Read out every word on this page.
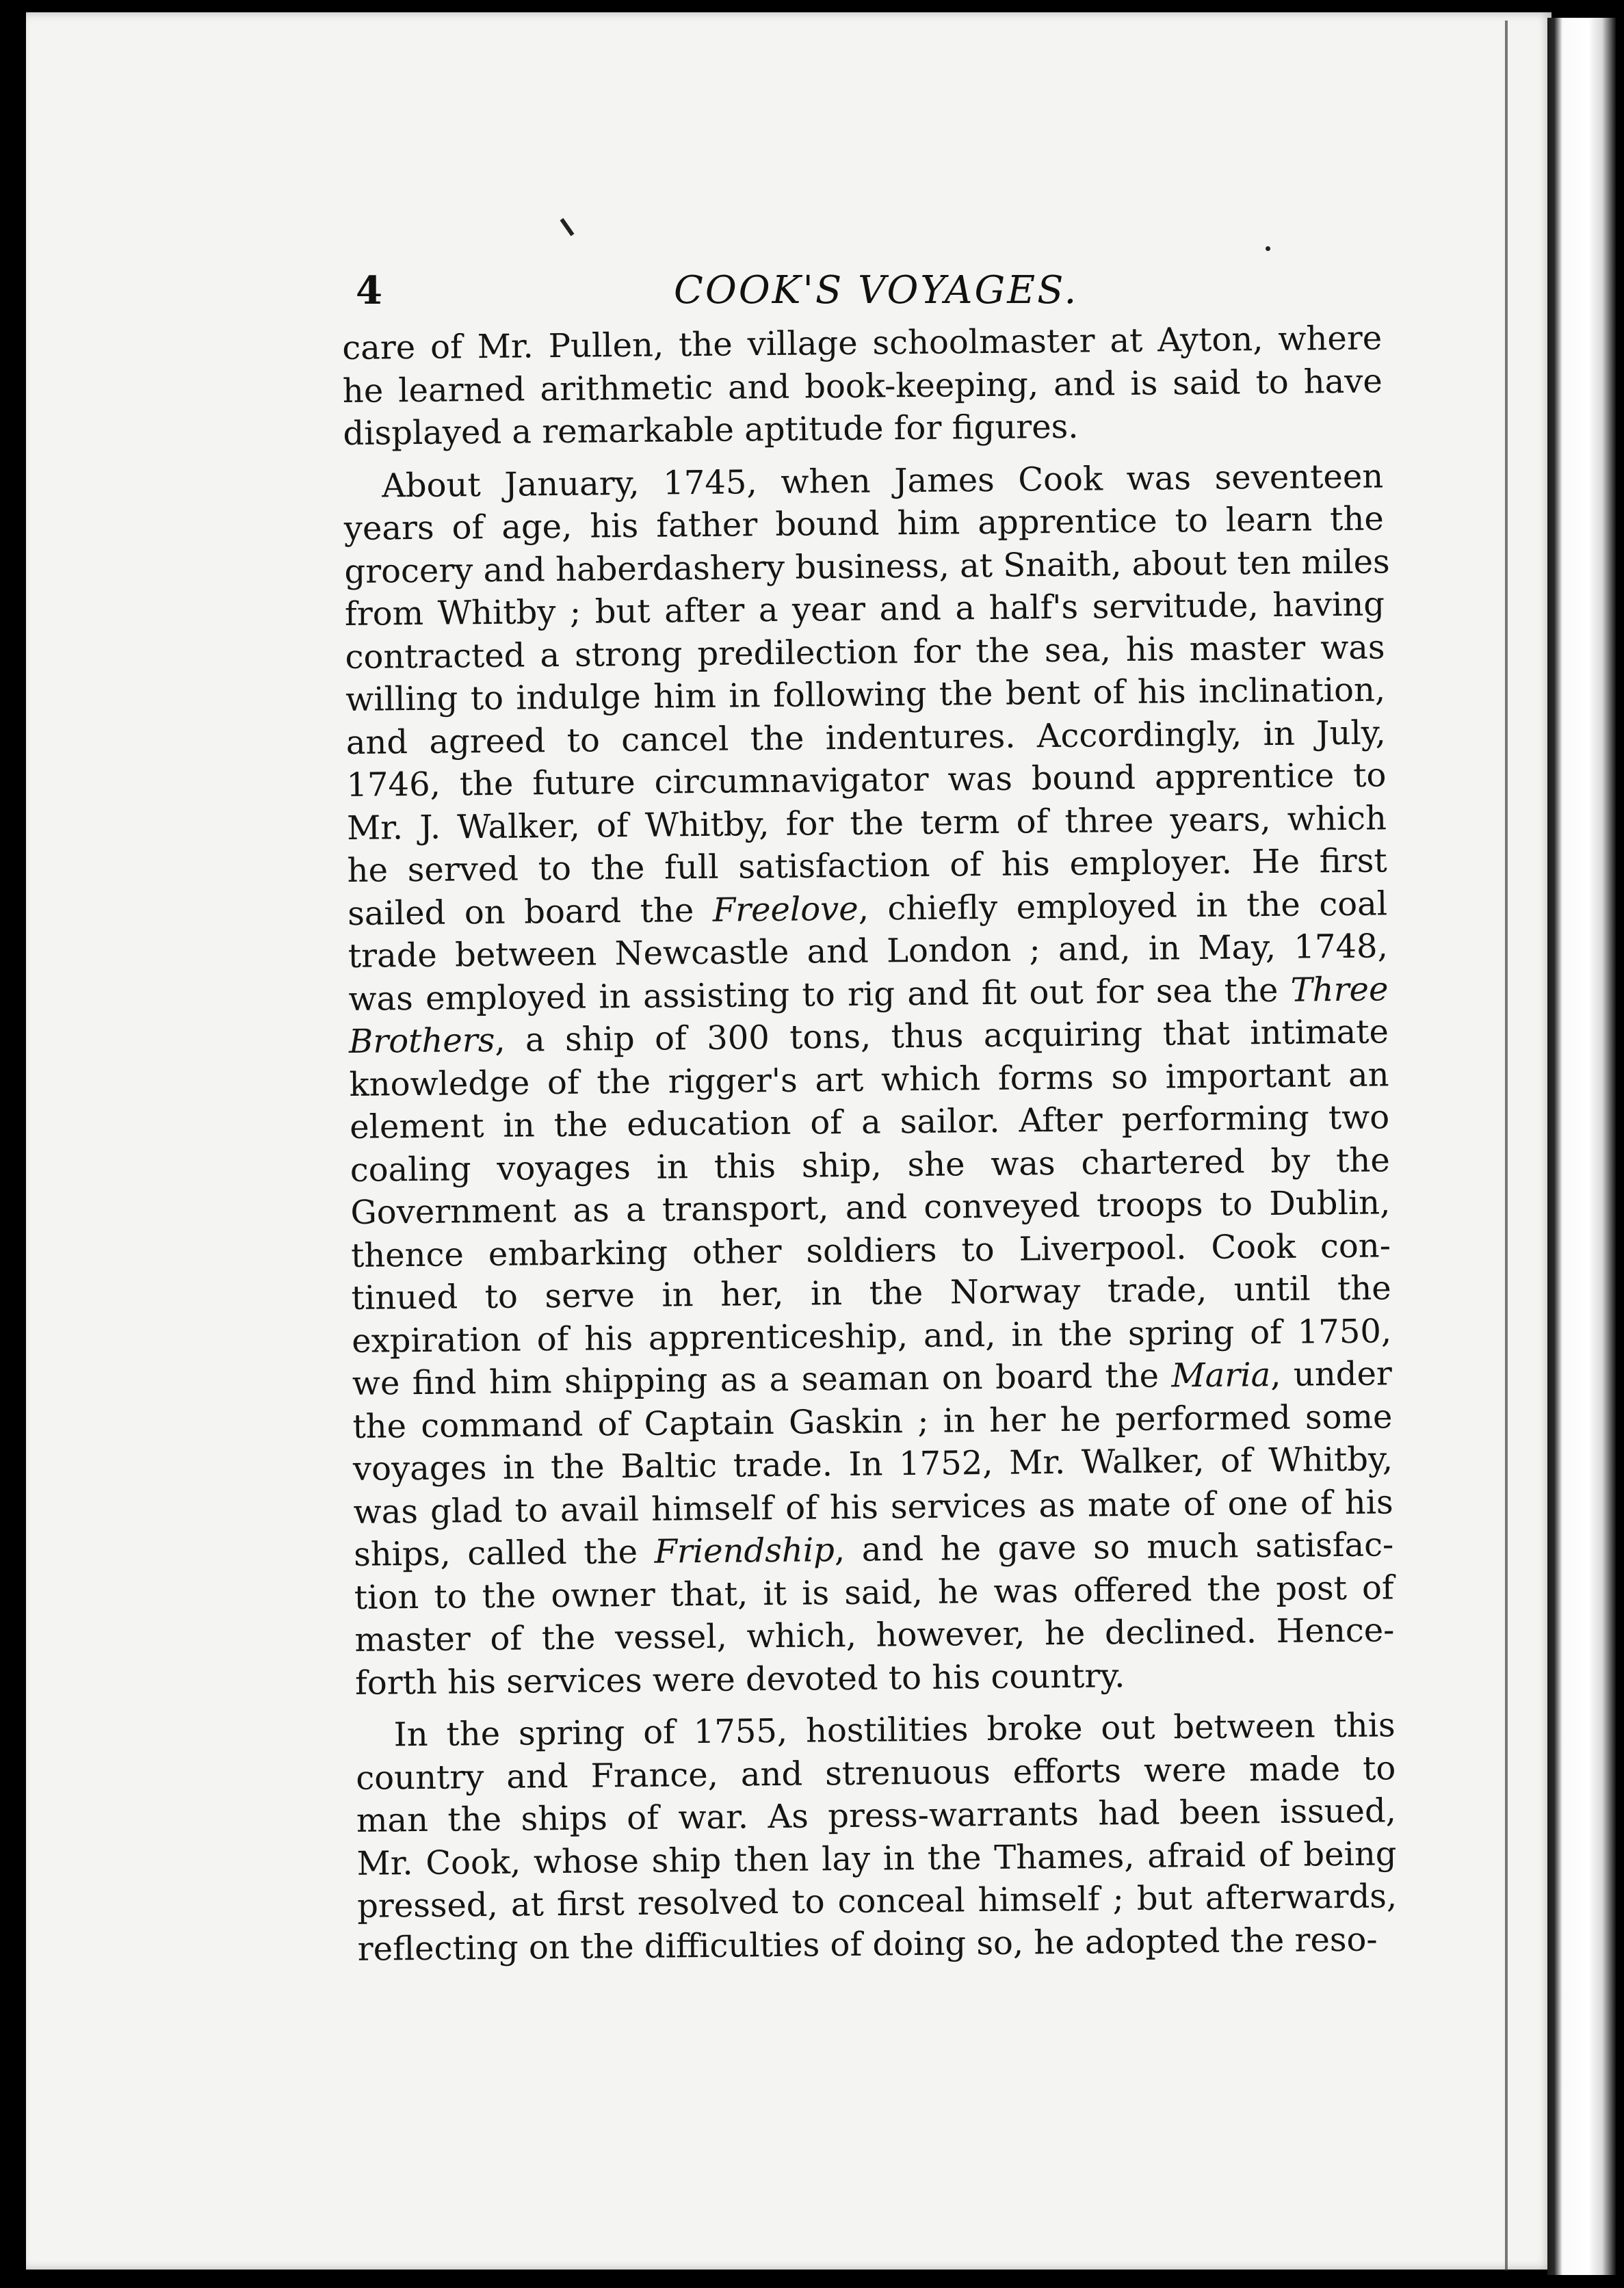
4	COOK'S VOYAGES.
care of Mr. Pullen, the village schoolmaster at Ayton, where
he learned arithmetic and book-keeping, and is said to have
displayed a remarkable aptitude for figures.
About January, 1745, when James Cook was seventeen
years of age, his father bound him apprentice to learn the
grocery and haberdashery business, at Snaith, about ten miles
from Whitby ; but after a year and a half's servitude, having
contracted a strong predilection for the sea, his master was
willing to indulge him in following the bent of his inclination,
and agreed to cancel the indentures. Accordingly, in July,
1746, the future circumnavigator was bound apprentice to
Mr. J. Walker, of Whitby, for the term of three years, which
he served to the full satisfaction of his employer. He first
sailed on board the Freelove, chiefly employed in the coal
trade between Newcastle and London ; and, in May, 1748,
was employed in assisting to rig and fit out for sea the Three
Brothers, a ship of 300 tons, thus acquiring that intimate
knowledge of the rigger's art which forms so important an
element in the education of a sailor. After performing two
coaling voyages in this ship, she was chartered by the
Government as a transport, and conveyed troops to Dublin,
thence embarking other soldiers to Liverpool. Cook con-
tinued to serve in her, in the Norway trade, until the
expiration of his apprenticeship, and, in the spring of 1750,
we find him shipping as a seaman on board the Maria, under
the command of Captain Gaskin ; in her he performed some
voyages in the Baltic trade. In 1752, Mr. Walker, of Whitby,
was glad to avail himself of his services as mate of one of his
ships, called the Friendship, and he gave so much satisfac-
tion to the owner that, it is said, he was offered the post of
master of the vessel, which, however, he declined. Hence-
forth his services were devoted to his country.
In the spring of 1755, hostilities broke out between this
country and France, and strenuous efforts were made to
man the ships of war. As press-warrants had been issued,
Mr. Cook, whose ship then lay in the Thames, afraid of being
pressed, at first resolved to conceal himself ; but afterwards,
reflecting on the difficulties of doing so, he adopted the reso-
